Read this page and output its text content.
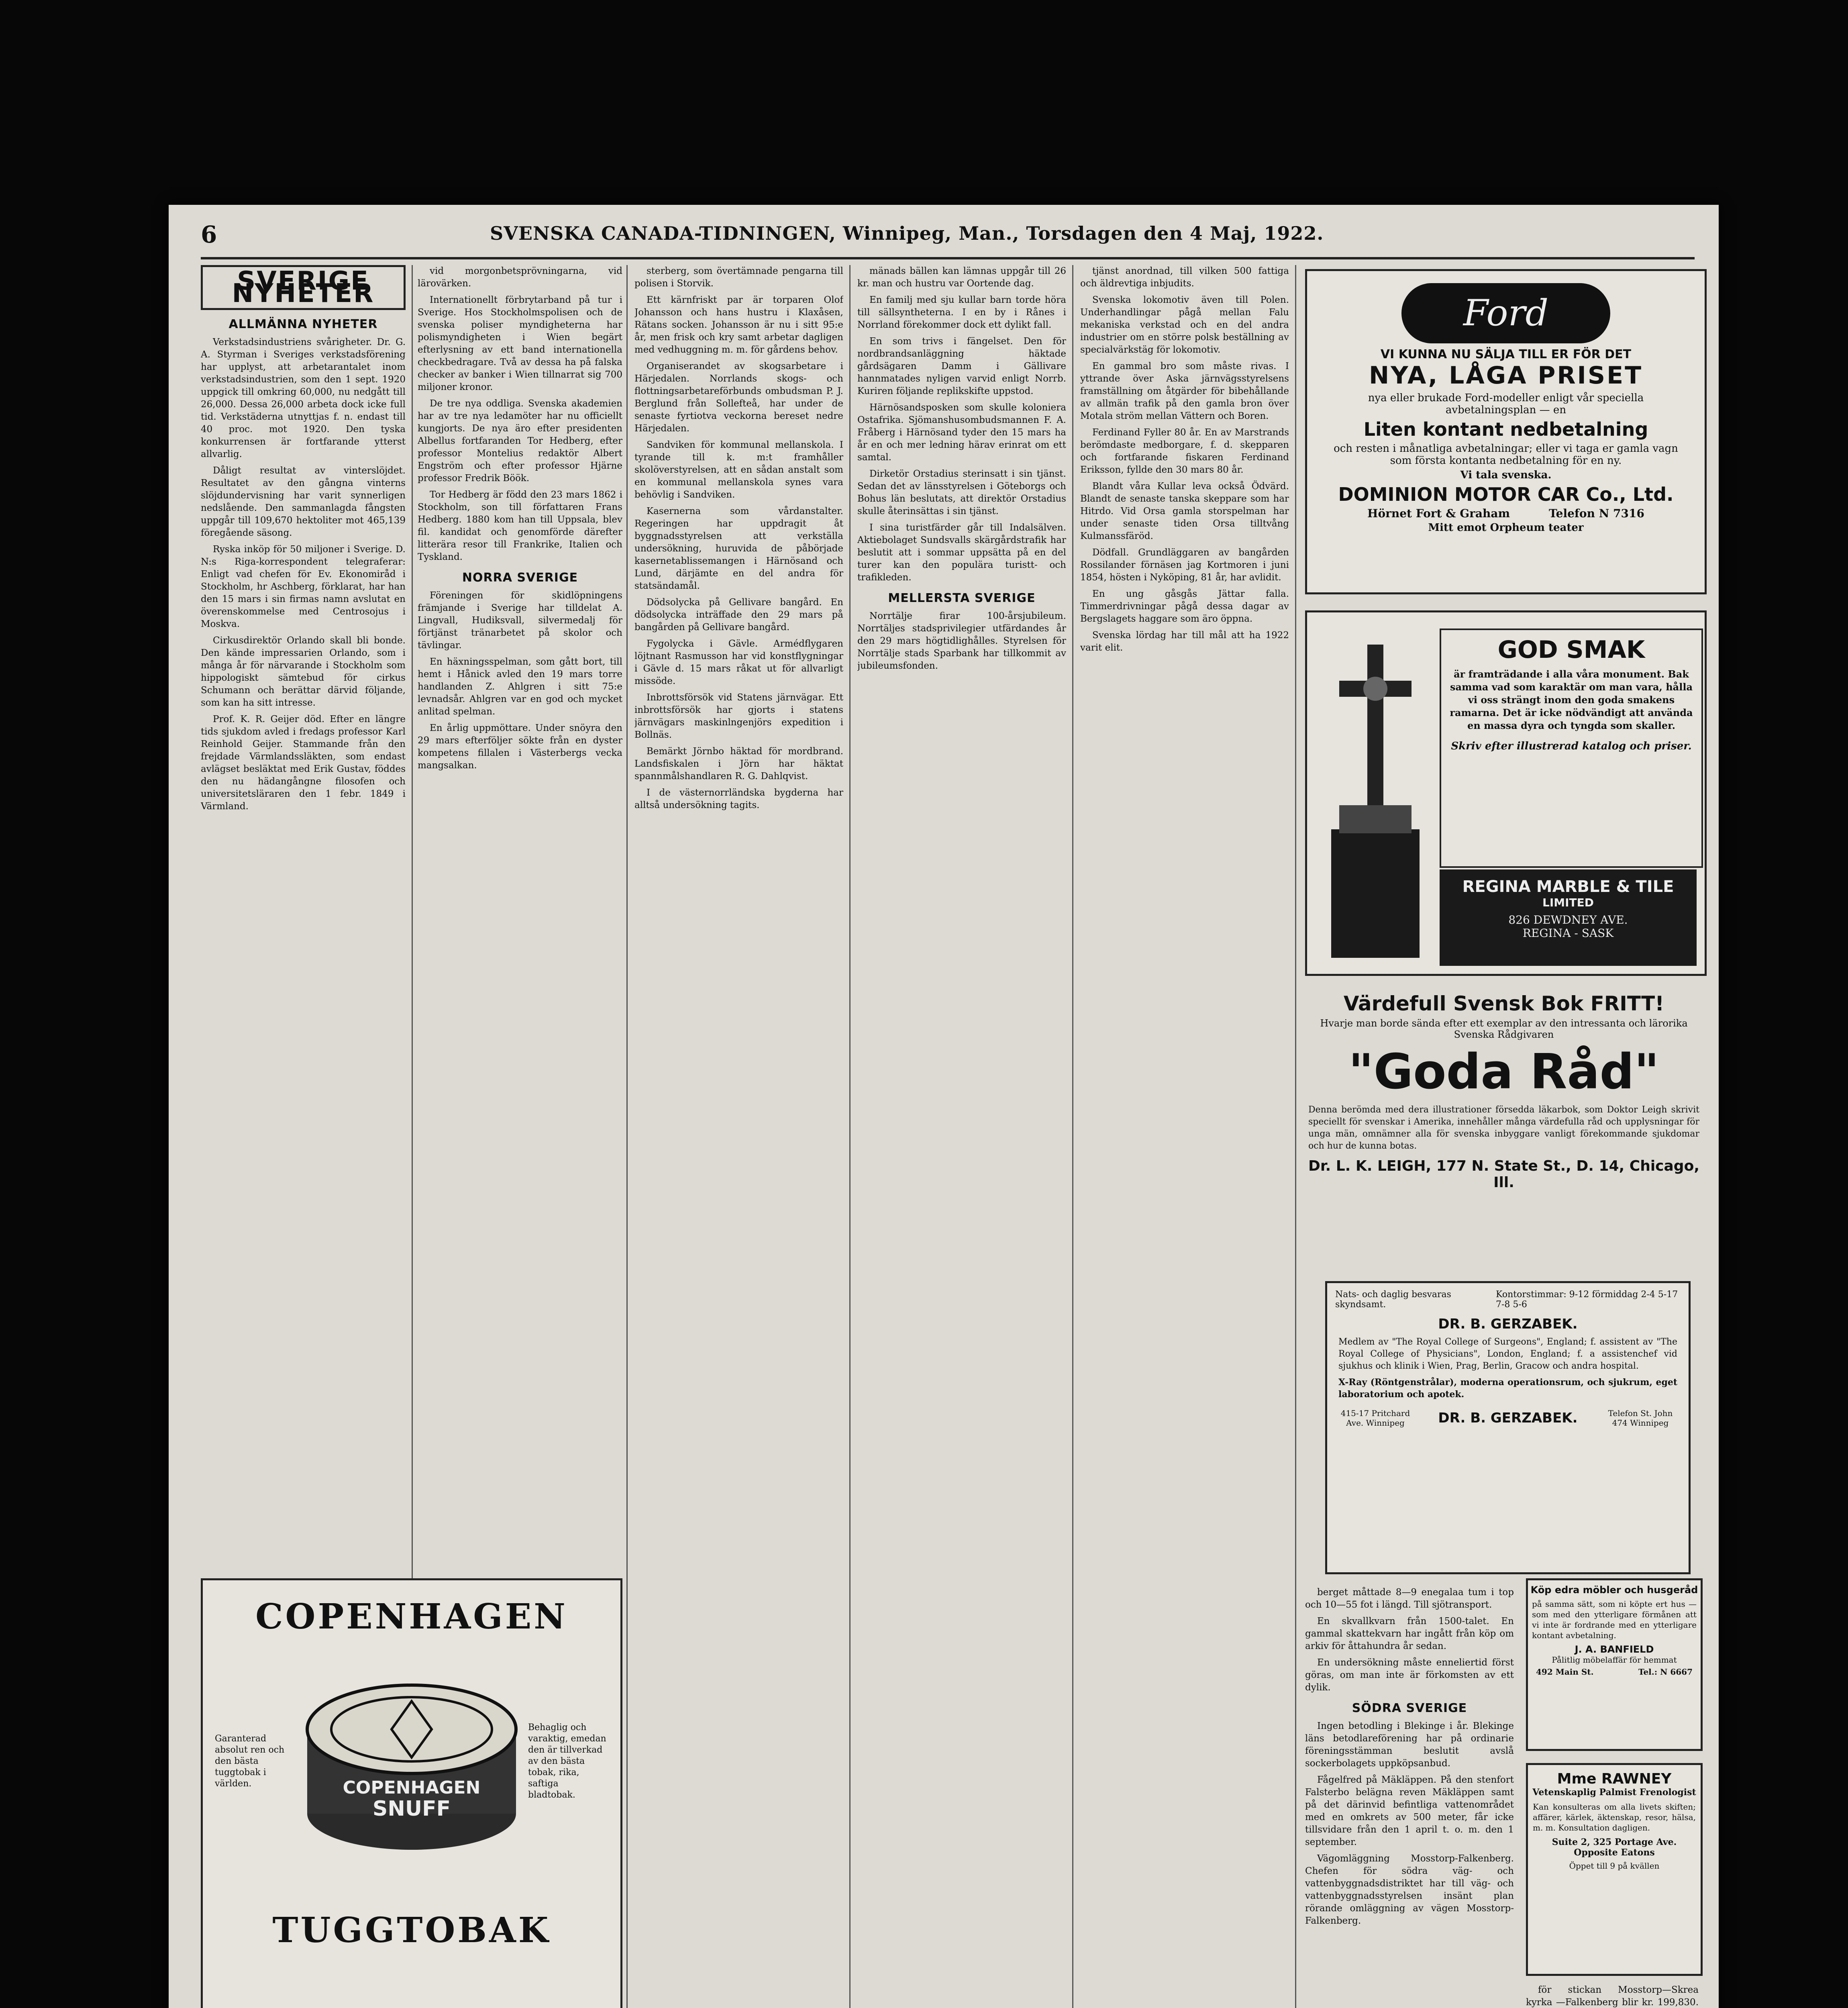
6	SVENSKA CANADA-TIDNINGEN, Winnipeg, Man., Torsdagen den 4 Maj, 1922.
SVERIGE NYHETER
ALLMÄNNA NYHETER

Verkstadsindustriens svårigheter. Dr. G. A. Styrman i Sveriges verkstadsförening har upplyst, att arbetarantalet inom verkstadsindustrien, som den 1 sept. 1920 uppgick till omkring 60,000, nu nedgått till 26,000. Dessa 26,000 arbeta dock icke full tid. Verkstäderna utnyttjas f. n. endast till 40 proc. mot 1920. Den tyska konkurrensen är fortfarande ytterst allvarlig.

Dåligt resultat av vinterslöjdet. Resultatet av den gångna vinterns slöjdundervisning har varit synnerligen nedslående. Den sammanlagda fångsten uppgår till 109,670 hektoliter mot 465,139 föregående säsong.

Ryska inköp för 50 miljoner i Sverige. D. N:s Riga-korrespondent telegraferar: Enligt vad chefen för Ev. Ekonomiråd i Stockholm, hr Aschberg, förklarat, har han den 15 mars i sin firmas namn avslutat en överenskommelse med Centrosojus i Moskva.

Cirkusdirektör Orlando skall bli bonde. Den kände impressarien Orlando, som i många år för närvarande i Stockholm som hippologiskt sämtebud för cirkus Schumann och berättar därvid följande, som kan ha sitt intresse.

Prof. K. R. Geijer död. Efter en längre tids sjukdom avled i fredags professor Karl Reinhold Geijer. Stammande från den frejdade Värmlandssläkten, som endast avlägset besläktat med Erik Gustav, föddes den nu hädangångne filosofen och universitetsläraren den 1 febr. 1849 i Värmland.

vid morgonbetsprövningarna, vid lärovärken.

Internationellt förbrytarband på tur i Sverige. Hos Stockholmspolisen och de svenska poliser myndigheterna har polismyndigheten i Wien begärt efterlysning av ett band internationella checkbedragare. Två av dessa ha på falska checker av banker i Wien tillnarrat sig 700 miljoner kronor.

De tre nya oddliga. Svenska akademien har av tre nya ledamöter har nu officiellt kungjorts. De nya äro efter presidenten Albellus fortfaranden Tor Hedberg, efter professor Montelius redaktör Albert Engström och efter professor Hjärne professor Fredrik Böök.

Tor Hedberg är född den 23 mars 1862 i Stockholm, son till författaren Frans Hedberg. 1880 kom han till Uppsala, blev fil. kandidat och genomförde därefter litterära resor till Frankrike, Italien och Tyskland.

NORRA SVERIGE

Föreningen för skidlöpningens främjande i Sverige har tilldelat A. Lingvall, Hudiksvall, silvermedalj för förtjänst tränarbetet på skolor och tävlingar.

En häxningsspelman, som gått bort, till hemt i Hånick avled den 19 mars torre handlanden Z. Ahlgren i sitt 75:e levnadsår. Ahlgren var en god och mycket anlitad spelman.

En årlig uppmöttare. Under snöyra den 29 mars efterföljer sökte från en dyster kompetens fillalen i Västerbergs vecka mangsalkan.

COPENHAGEN
Garanterad absolut ren och den bästa tuggtobak i världen.	COPENHAGEN
SNUFF
Behaglig och varaktig, emedan den är tillverkad av den bästa tobak, rika, saftiga bladtobak.
TUGGTOBAK

sterberg, som övertämnade pengarna till polisen i Storvik.

Ett kärnfriskt par är torparen Olof Johansson och hans hustru i Klaxåsen, Rätans socken. Johansson är nu i sitt 95:e år, men frisk och kry samt arbetar dagligen med vedhuggning m. m. för gårdens behov.

Organiserandet av skogsarbetare i Härjedalen. Norrlands skogs- och flottningsarbetareförbunds ombudsman P. J. Berglund från Sollefteå, har under de senaste fyrtiotva veckorna bereset nedre Härjedalen.

Sandviken för kommunal mellanskola. I tyrande till k. m:t framhåller skolöverstyrelsen, att en sådan anstalt som en kommunal mellanskola synes vara behövlig i Sandviken.

Kasernerna som vårdanstalter. Regeringen har uppdragit åt byggnadsstyrelsen att verkställa undersökning, huruvida de påbörjade kasernetablissemangen i Härnösand och Lund, därjämte en del andra för statsändamål.

Dödsolycka på Gellivare bangård. En dödsolycka inträffade den 29 mars på bangården på Gellivare bangård.

Fygolycka i Gävle. Armédflygaren löjtnant Rasmusson har vid konstflygningar i Gävle d. 15 mars råkat ut för allvarligt missöde.

Inbrottsförsök vid Statens järnvägar. Ett inbrottsförsök har gjorts i statens järnvägars maskinlngenjörs expedition i Bollnäs.

Bemärkt Jörnbo häktad för mordbrand. Landsfiskalen i Jörn har häktat spannmålshandlaren R. G. Dahlqvist.

I de västernorrländska bygderna har alltså undersökning tagits.

mänads bällen kan lämnas uppgår till 26 kr. man och hustru var Oortende dag.

En familj med sju kullar barn torde höra till sällsyntheterna. I en by i Rånes i Norrland förekommer dock ett dylikt fall.

En som trivs i fängelset. Den för nordbrandsanläggning häktade gårdsägaren Damm i Gällivare hannmatades nyligen varvid enligt Norrb. Kuriren följande replikskifte uppstod.

Härnösandsposken som skulle koloniera Ostafrika. Sjömanshusombudsmannen F. A. Fråberg i Härnösand tyder den 15 mars ha år en och mer ledning härav erinrat om ett samtal.

Dirketör Orstadius sterinsatt i sin tjänst. Sedan det av länsstyrelsen i Göteborgs och Bohus län beslutats, att direktör Orstadius skulle återinsättas i sin tjänst.

I sina turistfärder går till Indalsälven. Aktiebolaget Sundsvalls skärgårdstrafik har beslutit att i sommar uppsätta på en del turer kan den populära turistt- och trafikleden.

MELLERSTA SVERIGE

Norrtälje firar 100-årsjubileum. Norrtäljes stadsprivilegier utfärdandes år den 29 mars högtidlighålles. Styrelsen för Norrtälje stads Sparbank har tillkommit av jubileumsfonden.

tjänst anordnad, till vilken 500 fattiga och äldrevtiga inbjudits.

Svenska lokomotiv även till Polen. Underhandlingar pågå mellan Falu mekaniska verkstad och en del andra industrier om en större polsk beställning av specialvärkstäg för lokomotiv.

En gammal bro som måste rivas. I yttrande över Aska järnvägsstyrelsens framställning om åtgärder för bibehållande av allmän trafik på den gamla bron över Motala ström mellan Vättern och Boren.

Ferdinand Fyller 80 år. En av Marstrands berömdaste medborgare, f. d. skepparen och fortfarande fiskaren Ferdinand Eriksson, fyllde den 30 mars 80 år.

Blandt våra Kullar leva också Ödvärd. Blandt de senaste tanska skeppare som har Hitrdo. Vid Orsa gamla storspelman har under senaste tiden Orsa tilltvång Kulmanssfäröd.

Dödfall. Grundläggaren av bangården Rossilander förnäsen jag Kortmoren i juni 1854, hösten i Nyköping, 81 år, har avlidit.

En ung gåsgås Jättar falla. Timmerdrivningar pågå dessa dagar av Bergslagets haggare som äro öppna.

Svenska lördag har till mål att ha 1922 varit elit.

Ford
VI KUNNA NU SÄLJA TILL ER FÖR DET
NYA, LÅGA PRISET
nya eller brukade Ford-modeller enligt vår speciella avbetalningsplan — en
Liten kontant nedbetalning
och resten i månatliga avbetalningar; eller vi taga er gamla vagn som första kontanta nedbetalning för en ny.
Vi tala svenska.
DOMINION MOTOR CAR Co., Ltd.
Hörnet Fort & Graham	Telefon N 7316
Mitt emot Orpheum teater
GOD SMAK
är framträdande i alla våra monument. Bak samma vad som karaktär om man vara, hålla vi oss strängt inom den goda smakens ramarna. Det är icke nödvändigt att använda en massa dyra och tyngda som skaller.
Skriv efter illustrerad katalog och priser.
REGINA MARBLE & TILE
LIMITED
826 DEWDNEY AVE.
REGINA - SASK
Värdefull Svensk Bok FRITT!
Hvarje man borde sända efter ett exemplar av den intressanta och lärorika Svenska Rådgivaren
"Goda Råd"
Denna berömda med dera illustrationer försedda läkarbok, som Doktor Leigh skrivit speciellt för svenskar i Amerika, innehåller många värdefulla råd och upplysningar för unga män, omnämner alla för svenska inbyggare vanligt förekommande sjukdomar och hur de kunna botas.
Dr. L. K. LEIGH, 177 N. State St., D. 14, Chicago, Ill.
Nats- och daglig besvaras skyndsamt.
Kontorstimmar: 9-12 förmiddag 2-4 5-17 7-8 5-6
DR. B. GERZABEK.
Medlem av "The Royal College of Surgeons", England; f. assistent av "The Royal College of Physicians", London, England; f. a assistenchef vid sjukhus och klinik i Wien, Prag, Berlin, Gracow och andra hospital.
X-Ray (Röntgenstrålar), moderna operationsrum, och sjukrum, eget laboratorium och apotek.
415-17 Pritchard Ave. Winnipeg	DR. B. GERZABEK.	Telefon St. John 474 Winnipeg

berget måttade 8—9 enegalaa tum i top och 10—55 fot i längd. Till sjötransport.

En skvallkvarn från 1500-talet. En gammal skattekvarn har ingått från köp om arkiv för åttahundra år sedan.

En undersökning måste enneliertid först göras, om man inte är förkomsten av ett dylik.

SÖDRA SVERIGE

Ingen betodling i Blekinge i år. Blekinge läns betodlareförening har på ordinarie föreningsstämman beslutit avslå sockerbolagets uppköpsanbud.

Fågelfred på Mäkläppen. På den stenfort Falsterbo belägna reven Mäkläppen samt på det därinvid befintliga vattenområdet med en omkrets av 500 meter, får icke tillsvidare från den 1 april t. o. m. den 1 september.

Vägomläggning Mosstorp-Falkenberg. Chefen för södra väg- och vattenbyggnadsdistriktet har till väg- och vattenbyggnadsstyrelsen insänt plan rörande omläggning av vägen Mosstorp-Falkenberg.

Köp edra möbler och husgeråd
på samma sätt, som ni köpte ert hus — som med den ytterligare förmånen att vi inte är fordrande med en ytterligare kontant avbetalning.
J. A. BANFIELD
Pålitlig möbelaffär för hemmat
492 Main St.	Tel.: N 6667
Mme RAWNEY
Vetenskaplig Palmist Frenologist
Kan konsulteras om alla livets skiften; affärer, kärlek, äktenskap, resor, hälsa, m. m. Konsultation dagligen.
Suite 2, 325 Portage Ave. Opposite Eatons
Öppet till 9 på kvällen

för stickan Mosstorp—Skrea kyrka —Falkenberg blir kr. 199,830.
